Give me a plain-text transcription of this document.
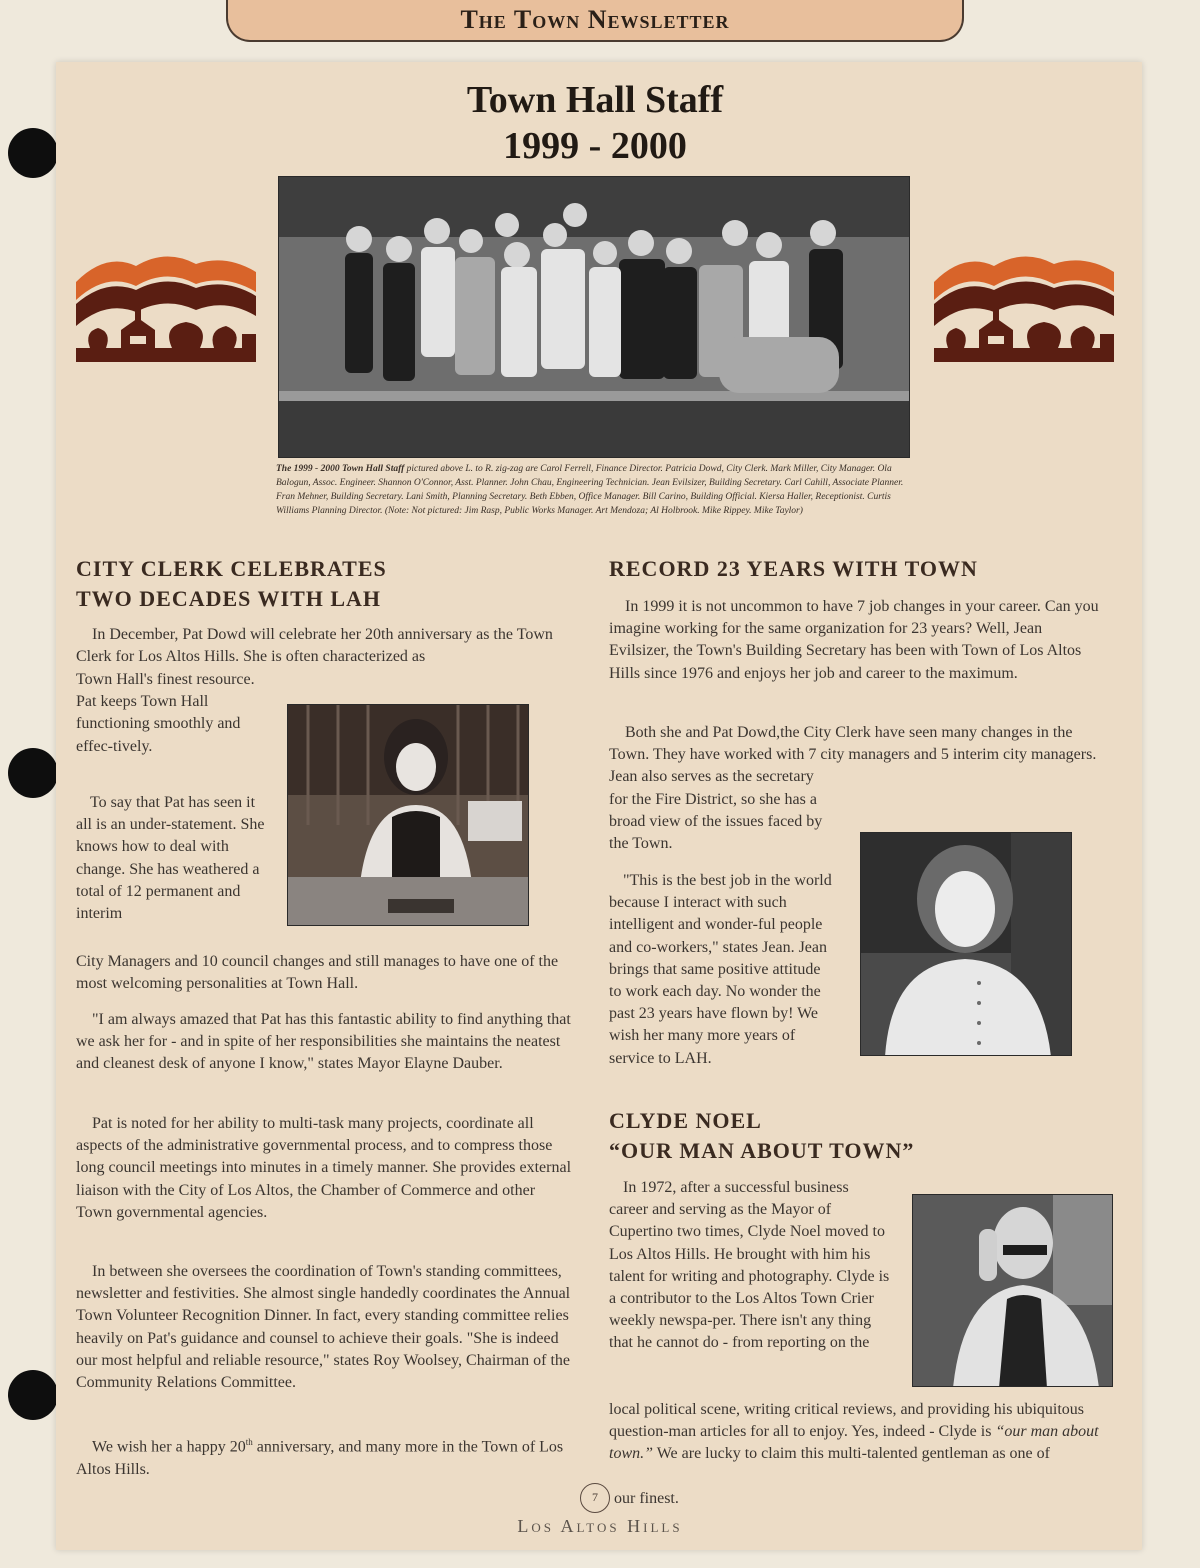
The Town Newsletter
Town Hall Staff
1999 - 2000
The 1999 - 2000 Town Hall Staff pictured above L. to R. zig-zag are Carol Ferrell, Finance Director. Patricia Dowd, City Clerk. Mark Miller, City Manager. Ola Balogun, Assoc. Engineer. Shannon O'Connor, Asst. Planner. John Chau, Engineering Technician. Jean Evilsizer, Building Secretary. Carl Cahill, Associate Planner. Fran Mehner, Building Secretary. Lani Smith, Planning Secretary. Beth Ebben, Office Manager. Bill Carino, Building Official. Kiersa Haller, Receptionist. Curtis Williams Planning Director. (Note: Not pictured: Jim Rasp, Public Works Manager. Art Mendoza; Al Holbrook. Mike Rippey. Mike Taylor)
CITY CLERK CELEBRATES
TWO DECADES WITH LAH

In December, Pat Dowd will celebrate her 20th anniversary as the Town Clerk for Los Altos Hills. She is often characterized as

Town Hall's finest resource. Pat keeps Town Hall functioning smoothly and effec-tively.

To say that Pat has seen it all is an under-statement. She knows how to deal with change. She has weathered a total of 12 permanent and interim

City Managers and 10 council changes and still manages to have one of the most welcoming personalities at Town Hall.

"I am always amazed that Pat has this fantastic ability to find anything that we ask her for - and in spite of her responsibilities she maintains the neatest and cleanest desk of anyone I know," states Mayor Elayne Dauber.

Pat is noted for her ability to multi-task many projects, coordinate all aspects of the administrative governmental process, and to compress those long council meetings into minutes in a timely manner. She provides external liaison with the City of Los Altos, the Chamber of Commerce and other Town governmental agencies.

In between she oversees the coordination of Town's standing committees, newsletter and festivities. She almost single handedly coordinates the Annual Town Volunteer Recognition Dinner. In fact, every standing committee relies heavily on Pat's guidance and counsel to achieve their goals. "She is indeed our most helpful and reliable resource," states Roy Woolsey, Chairman of the Community Relations Committee.

We wish her a happy 20th anniversary, and many more in the Town of Los Altos Hills.

RECORD 23 YEARS WITH TOWN

In 1999 it is not uncommon to have 7 job changes in your career. Can you imagine working for the same organization for 23 years? Well, Jean Evilsizer, the Town's Building Secretary has been with Town of Los Altos Hills since 1976 and enjoys her job and career to the maximum.

Both she and Pat Dowd,the City Clerk have seen many changes in the Town. They have worked with 7 city managers and 5 interim city managers. Jean also serves as the secretary

for the Fire District, so she has a broad view of the issues faced by the Town.

"This is the best job in the world because I interact with such intelligent and wonder-ful people and co-workers," states Jean. Jean brings that same positive attitude to work each day. No wonder the past 23 years have flown by! We wish her many more years of service to LAH.

CLYDE NOEL
“OUR MAN ABOUT TOWN”

In 1972, after a successful business career and serving as the Mayor of Cupertino two times, Clyde Noel moved to Los Altos Hills. He brought with him his talent for writing and photography. Clyde is a contributor to the Los Altos Town Crier weekly newspa-per. There isn't any thing that he cannot do - from reporting on the

local political scene, writing critical reviews, and providing his ubiquitous question-man articles for all to enjoy. Yes, indeed - Clyde is “our man about town.” We are lucky to claim this multi-talented gentleman as one of

our finest.

7
Los Altos Hills
